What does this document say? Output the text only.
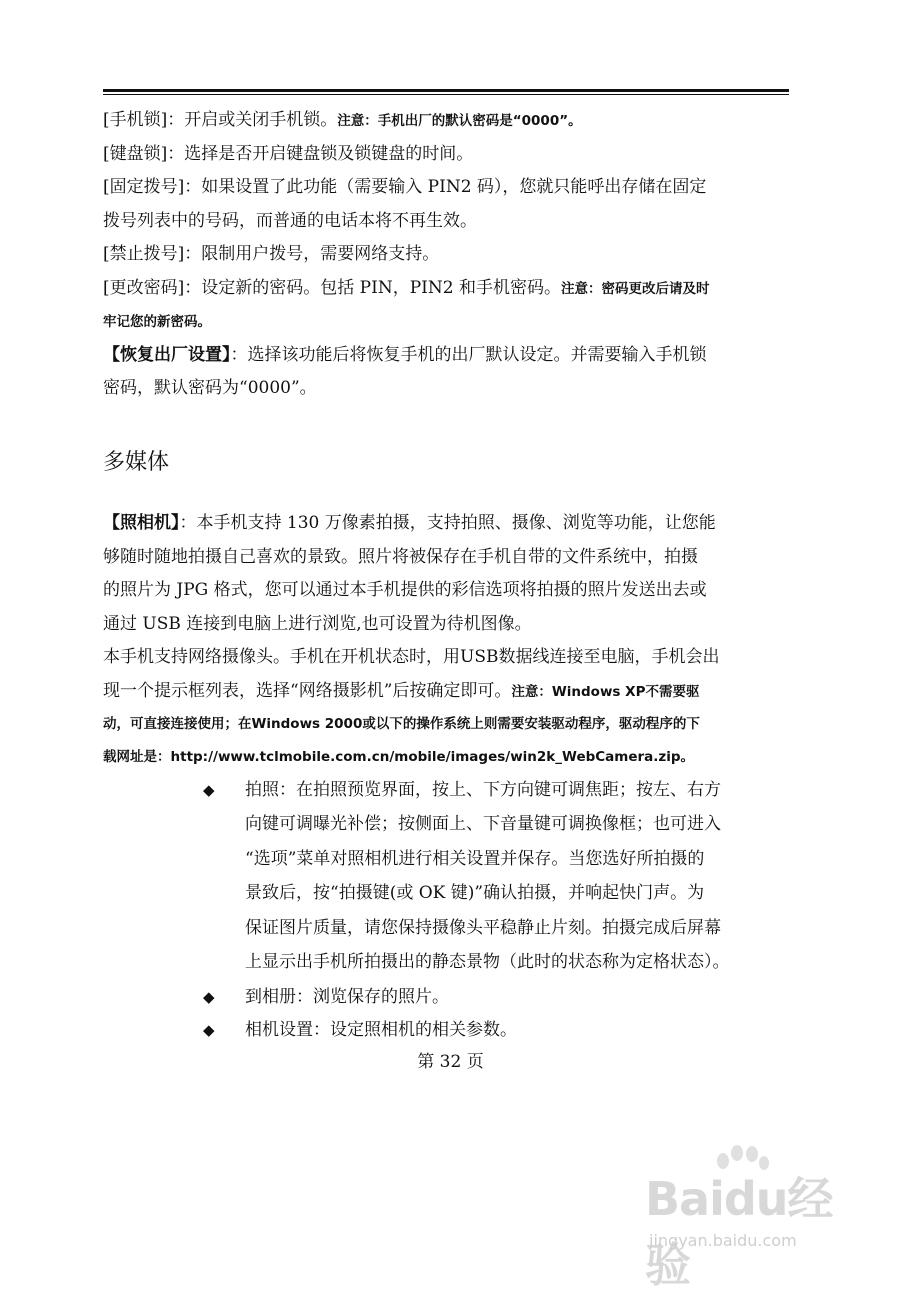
[手机锁]：开启或关闭手机锁。注意：手机出厂的默认密码是“0000”。
[键盘锁]：选择是否开启键盘锁及锁键盘的时间。
[固定拨号]：如果设置了此功能（需要输入 PIN2 码），您就只能呼出存储在固定
拨号列表中的号码，而普通的电话本将不再生效。
[禁止拨号]：限制用户拨号，需要网络支持。
[更改密码]：设定新的密码。包括 PIN，PIN2 和手机密码。注意：密码更改后请及时
牢记您的新密码。
【恢复出厂设置】：选择该功能后将恢复手机的出厂默认设定。并需要输入手机锁
密码，默认密码为“0000”。
多媒体
【照相机】：本手机支持 130 万像素拍摄，支持拍照、摄像、浏览等功能，让您能
够随时随地拍摄自己喜欢的景致。照片将被保存在手机自带的文件系统中，拍摄
的照片为 JPG 格式，您可以通过本手机提供的彩信选项将拍摄的照片发送出去或
通过 USB 连接到电脑上进行浏览,也可设置为待机图像。
本手机支持网络摄像头。手机在开机状态时，用USB数据线连接至电脑，手机会出
现一个提示框列表，选择“网络摄影机”后按确定即可。注意：Windows XP不需要驱
动，可直接连接使用；在Windows 2000或以下的操作系统上则需要安装驱动程序，驱动程序的下
载网址是：http://www.tclmobile.com.cn/mobile/images/win2k_WebCamera.zip。
◆ 拍照：在拍照预览界面，按上、下方向键可调焦距；按左、右方
向键可调曝光补偿；按侧面上、下音量键可调换像框；也可进入
“选项”菜单对照相机进行相关设置并保存。当您选好所拍摄的
景致后，按“拍摄键(或 OK 键)”确认拍摄，并响起快门声。为
保证图片质量，请您保持摄像头平稳静止片刻。拍摄完成后屏幕
上显示出手机所拍摄出的静态景物（此时的状态称为定格状态）。
◆ 到相册：浏览保存的照片。
◆ 相机设置：设定照相机的相关参数。
第 32 页
Baidu经验
jingyan.baidu.com
